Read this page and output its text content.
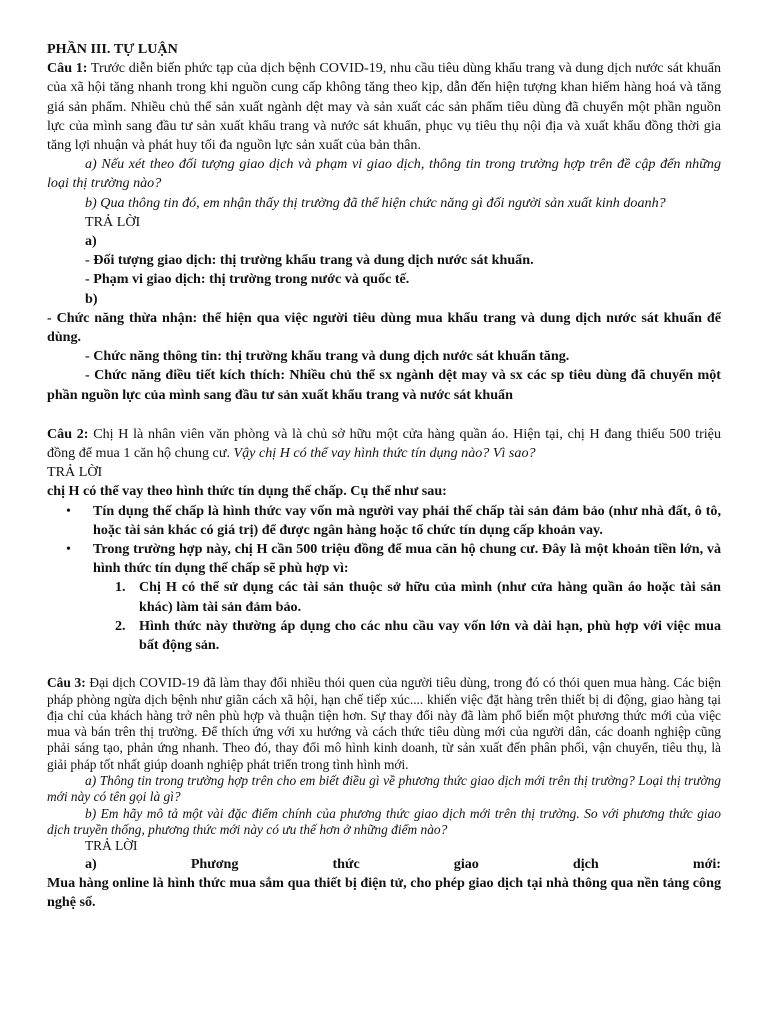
PHẦN III. TỰ LUẬN

Câu 1: Trước diễn biến phức tạp của dịch bệnh COVID-19, nhu cầu tiêu dùng khẩu trang và dung dịch nước sát khuẩn của xã hội tăng nhanh trong khi nguồn cung cấp không tăng theo kịp, dẫn đến hiện tượng khan hiếm hàng hoá và tăng giá sản phẩm. Nhiều chủ thể sản xuất ngành dệt may và sản xuất các sản phẩm tiêu dùng đã chuyển một phần nguồn lực của mình sang đầu tư sản xuất khẩu trang và nước sát khuẩn, phục vụ tiêu thụ nội địa và xuất khẩu đồng thời gia tăng lợi nhuận và phát huy tối đa nguồn lực sản xuất của bản thân.

a) Nếu xét theo đối tượng giao dịch và phạm vi giao dịch, thông tin trong trường hợp trên đề cập đến những loại thị trường nào?

b) Qua thông tin đó, em nhận thấy thị trường đã thể hiện chức năng gì đối người sản xuất kinh doanh?

TRẢ LỜI

a)

- Đối tượng giao dịch: thị trường khẩu trang và dung dịch nước sát khuẩn.

- Phạm vi giao dịch: thị trường trong nước và quốc tế.

b)

- Chức năng thừa nhận: thể hiện qua việc người tiêu dùng mua khẩu trang và dung dịch nước sát khuẩn để dùng.

- Chức năng thông tin: thị trường khẩu trang và dung dịch nước sát khuẩn tăng.

- Chức năng điều tiết kích thích: Nhiều chủ thể sx ngành dệt may và sx các sp tiêu dùng đã chuyển một phần nguồn lực của mình sang đầu tư sản xuất khẩu trang và nước sát khuẩn

Câu 2: Chị H là nhân viên văn phòng và là chủ sở hữu một cửa hàng quần áo. Hiện tại, chị H đang thiếu 500 triệu đồng để mua 1 căn hộ chung cư. Vậy chị H có thể vay hình thức tín dụng nào? Vì sao?

TRẢ LỜI

chị H có thể vay theo hình thức tín dụng thế chấp. Cụ thể như sau:

• Tín dụng thế chấp là hình thức vay vốn mà người vay phải thế chấp tài sản đảm bảo (như nhà đất, ô tô, hoặc tài sản khác có giá trị) để được ngân hàng hoặc tổ chức tín dụng cấp khoản vay.
• Trong trường hợp này, chị H cần 500 triệu đồng để mua căn hộ chung cư. Đây là một khoản tiền lớn, và hình thức tín dụng thế chấp sẽ phù hợp vì:
1. Chị H có thể sử dụng các tài sản thuộc sở hữu của mình (như cửa hàng quần áo hoặc tài sản khác) làm tài sản đảm bảo.
2. Hình thức này thường áp dụng cho các nhu cầu vay vốn lớn và dài hạn, phù hợp với việc mua bất động sản.

Câu 3: Đại dịch COVID-19 đã làm thay đổi nhiều thói quen của người tiêu dùng, trong đó có thói quen mua hàng. Các biện pháp phòng ngừa dịch bệnh như giãn cách xã hội, hạn chế tiếp xúc.... khiến việc đặt hàng trên thiết bị di động, giao hàng tại địa chỉ của khách hàng trở nên phù hợp và thuận tiện hơn. Sự thay đổi này đã làm phổ biến một phương thức mới của việc mua và bán trên thị trường. Để thích ứng với xu hướng và cách thức tiêu dùng mới của người dân, các doanh nghiệp cũng phải sáng tạo, phản ứng nhanh. Theo đó, thay đổi mô hình kinh doanh, từ sản xuất đến phân phối, vận chuyển, tiêu thụ, là giải pháp tốt nhất giúp doanh nghiệp phát triển trong tình hình mới.

a) Thông tin trong trường hợp trên cho em biết điều gì về phương thức giao dịch mới trên thị trường? Loại thị trường mới này có tên gọi là gì?

b) Em hãy mô tả một vài đặc điểm chính của phương thức giao dịch mới trên thị trường. So với phương thức giao dịch truyền thống, phương thức mới này có ưu thế hơn ở những điểm nào?

TRẢ LỜI

a)	Phương	thức	giao	dịch	mới:

Mua hàng online là hình thức mua sắm qua thiết bị điện tử, cho phép giao dịch tại nhà thông qua nền tảng công nghệ số.
